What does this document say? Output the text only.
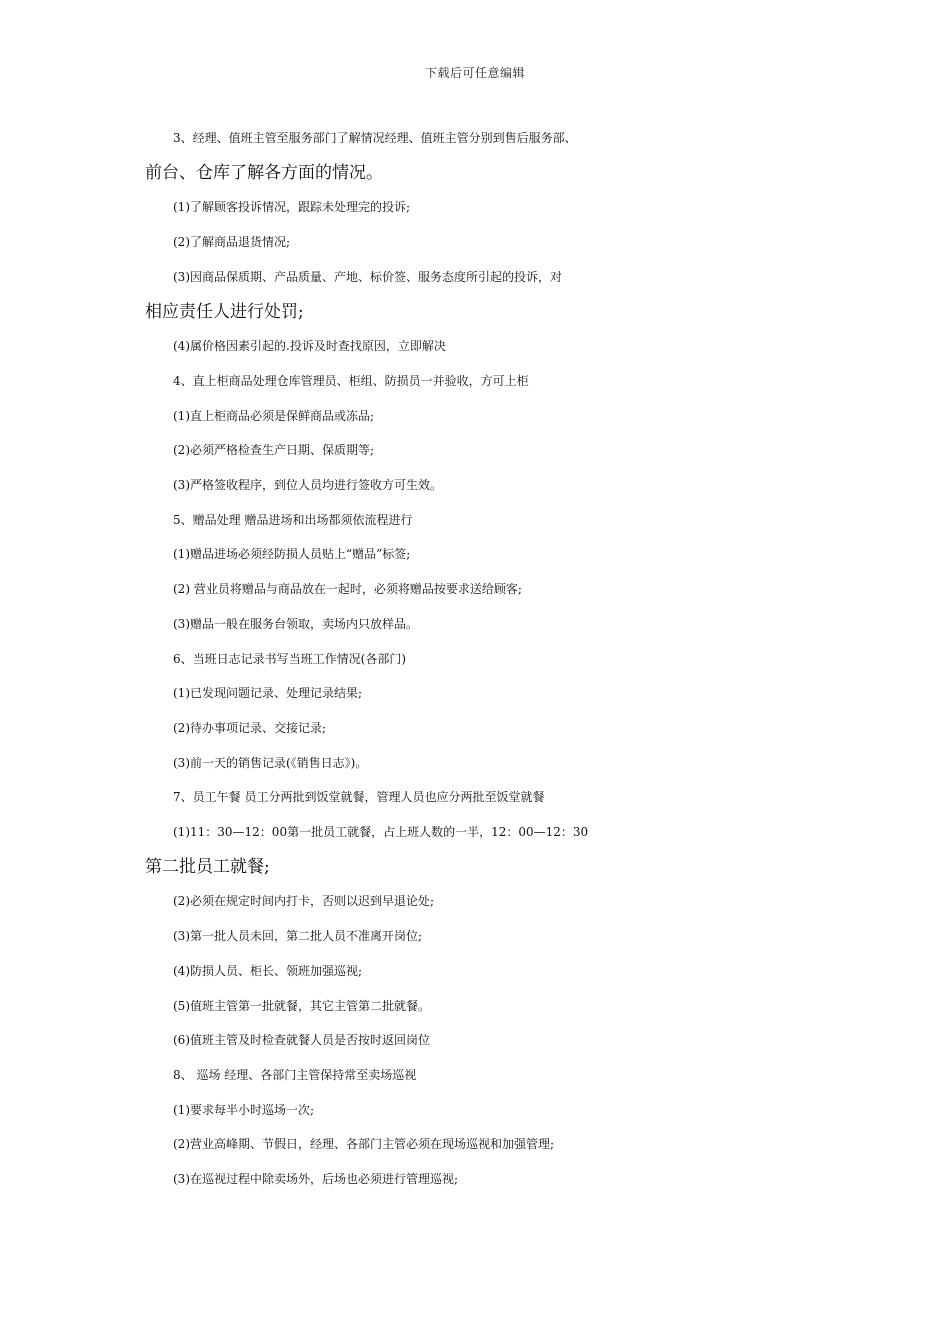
下载后可任意编辑

3、经理、值班主管至服务部门了解情况经理、值班主管分别到售后服务部、

前台、仓库了解各方面的情况。

(1)了解顾客投诉情况，跟踪未处理完的投诉;

(2)了解商品退货情况;

(3)因商品保质期、产品质量、产地、标价签、服务态度所引起的投诉，对

相应责任人进行处罚;

(4)属价格因素引起的.投诉及时查找原因，立即解决

4、直上柜商品处理仓库管理员、柜组、防损员一并验收，方可上柜

(1)直上柜商品必须是保鲜商品或冻品;

(2)必须严格检查生产日期、保质期等;

(3)严格签收程序，到位人员均进行签收方可生效。

5、赠品处理 赠品进场和出场都须依流程进行

(1)赠品进场必须经防损人员贴上“赠品”标签;

(2) 营业员将赠品与商品放在一起时，必须将赠品按要求送给顾客;

(3)赠品一般在服务台领取，卖场内只放样品。

6、当班日志记录书写当班工作情况(各部门)

(1)已发现问题记录、处理记录结果;

(2)待办事项记录、交接记录;

(3)前一天的销售记录(《销售日志》)。

7、员工午餐 员工分两批到饭堂就餐，管理人员也应分两批至饭堂就餐

(1)11：30—12：00第一批员工就餐，占上班人数的一半，12：00—12：30

第二批员工就餐;

(2)必须在规定时间内打卡，否则以迟到早退论处;

(3)第一批人员未回，第二批人员不准离开岗位;

(4)防损人员、柜长、领班加强巡视;

(5)值班主管第一批就餐，其它主管第二批就餐。

(6)值班主管及时检查就餐人员是否按时返回岗位

8、 巡场 经理、各部门主管保持常至卖场巡视

(1)要求每半小时巡场一次;

(2)营业高峰期、节假日，经理、各部门主管必须在现场巡视和加强管理;

(3)在巡视过程中除卖场外，后场也必须进行管理巡视;
